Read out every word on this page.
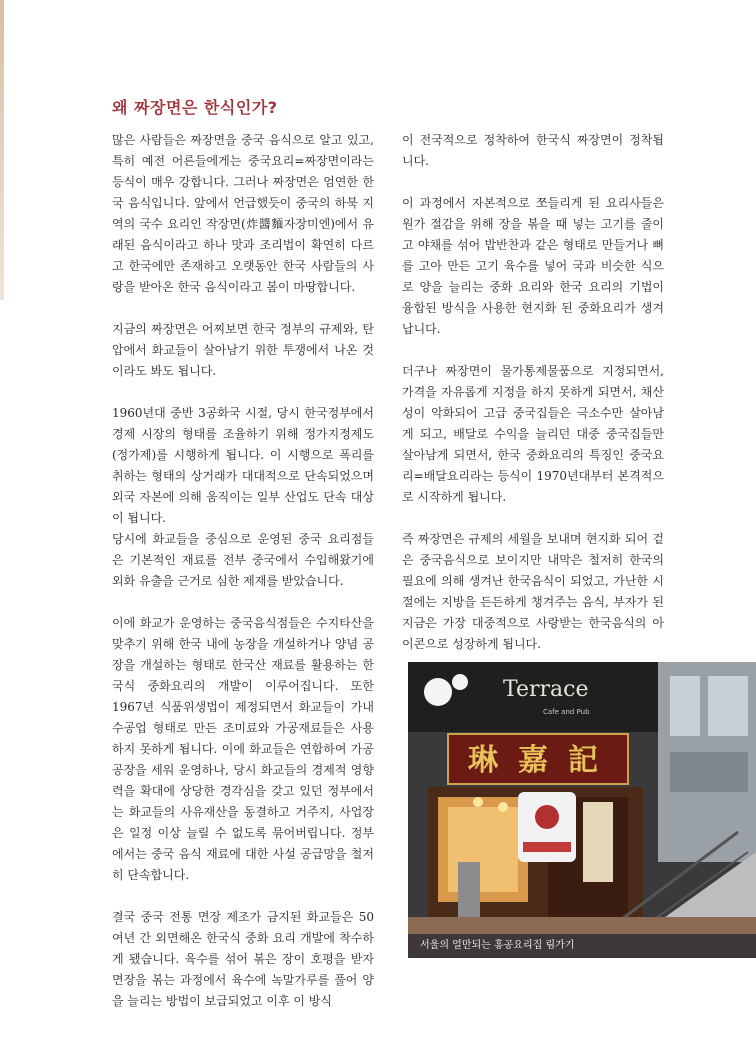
왜 짜장면은 한식인가?

많은 사람들은 짜장면을 중국 음식으로 알고 있고, 특히 예전 어른들에게는 중국요리=짜장면이라는 등식이 매우 강합니다. 그러나 짜장면은 엄연한 한국 음식입니다. 앞에서 언급했듯이 중국의 하북 지역의 국수 요리인 작장면(炸醬麵자장미엔)에서 유래된 음식이라고 하나 맛과 조리법이 확연히 다르고 한국에만 존재하고 오랫동안 한국 사람들의 사랑을 받아온 한국 음식이라고 봄이 마땅합니다.

지금의 짜장면은 어찌보면 한국 정부의 규제와, 탄압에서 화교들이 살아남기 위한 투쟁에서 나온 것이라도 봐도 됩니다.

1960년대 중반 3공화국 시절, 당시 한국정부에서 경제 시장의 형태를 조율하기 위해 정가지정제도(정가제)를 시행하게 됩니다. 이 시행으로 폭리를 취하는 형태의 상거래가 대대적으로 단속되었으며 외국 자본에 의해 움직이는 일부 산업도 단속 대상이 됩니다.

당시에 화교들을 중심으로 운영된 중국 요리점들은 기본적인 재료를 전부 중국에서 수입해왔기에 외화 유출을 근거로 심한 제재를 받았습니다.

이에 화교가 운영하는 중국음식점들은 수지타산을 맞추기 위해 한국 내에 농장을 개설하거나 양념 공장을 개설하는 형태로 한국산 재료를 활용하는 한국식 중화요리의 개발이 이루어집니다. 또한 1967년 식품위생법이 제정되면서 화교들이 가내수공업 형태로 만든 조미료와 가공재료들은 사용하지 못하게 됩니다. 이에 화교들은 연합하여 가공 공장을 세워 운영하나, 당시 화교들의 경제적 영향력을 확대에 상당한 경각심을 갖고 있던 정부에서는 화교들의 사유재산을 동결하고 거주지, 사업장은 일정 이상 늘릴 수 없도록 묶어버립니다. 정부에서는 중국 음식 재료에 대한 사설 공급망을 철저히 단속합니다.

결국 중국 전통 면장 제조가 금지된 화교들은 50여년 간 외면해온 한국식 중화 요리 개발에 착수하게 됐습니다. 육수를 섞어 볶은 장이 호평을 받자 면장을 볶는 과정에서 육수에 녹말가루를 풀어 양을 늘리는 방법이 보급되었고 이후 이 방식

이 전국적으로 정착하여 한국식 짜장면이 정착됩니다.

이 과정에서 자본적으로 쪼들리게 된 요리사들은 원가 절감을 위해 장을 볶을 때 넣는 고기를 줄이고 야채를 섞어 밥반찬과 같은 형태로 만들거나 뼈를 고아 만든 고기 육수를 넣어 국과 비슷한 식으로 양을 늘리는 중화 요리와 한국 요리의 기법이 융합된 방식을 사용한 현지화 된 중화요리가 생겨납니다.

더구나 짜장면이 물가통제물품으로 지정되면서, 가격을 자유롭게 지정을 하지 못하게 되면서, 채산성이 악화되어 고급 중국집들은 극소수만 살아남게 되고, 배달로 수익을 늘리던 대중 중국집들만 살아남게 되면서, 한국 중화요리의 특징인 중국요리=배달요리라는 등식이 1970년대부터 본격적으로 시작하게 됩니다.

즉 짜장면은 규제의 세월을 보내며 현지화 되어 겉은 중국음식으로 보이지만 내막은 철저히 한국의 필요에 의해 생겨난 한국음식이 되었고, 가난한 시절에는 지방을 든든하게 챙겨주는 음식, 부자가 된 지금은 가장 대중적으로 사랑받는 한국음식의 아이콘으로 성장하게 됩니다.

Terrace
Cafe and Pub
琳 嘉 記
서울의 얼만되는 홍공요리집 림가기
